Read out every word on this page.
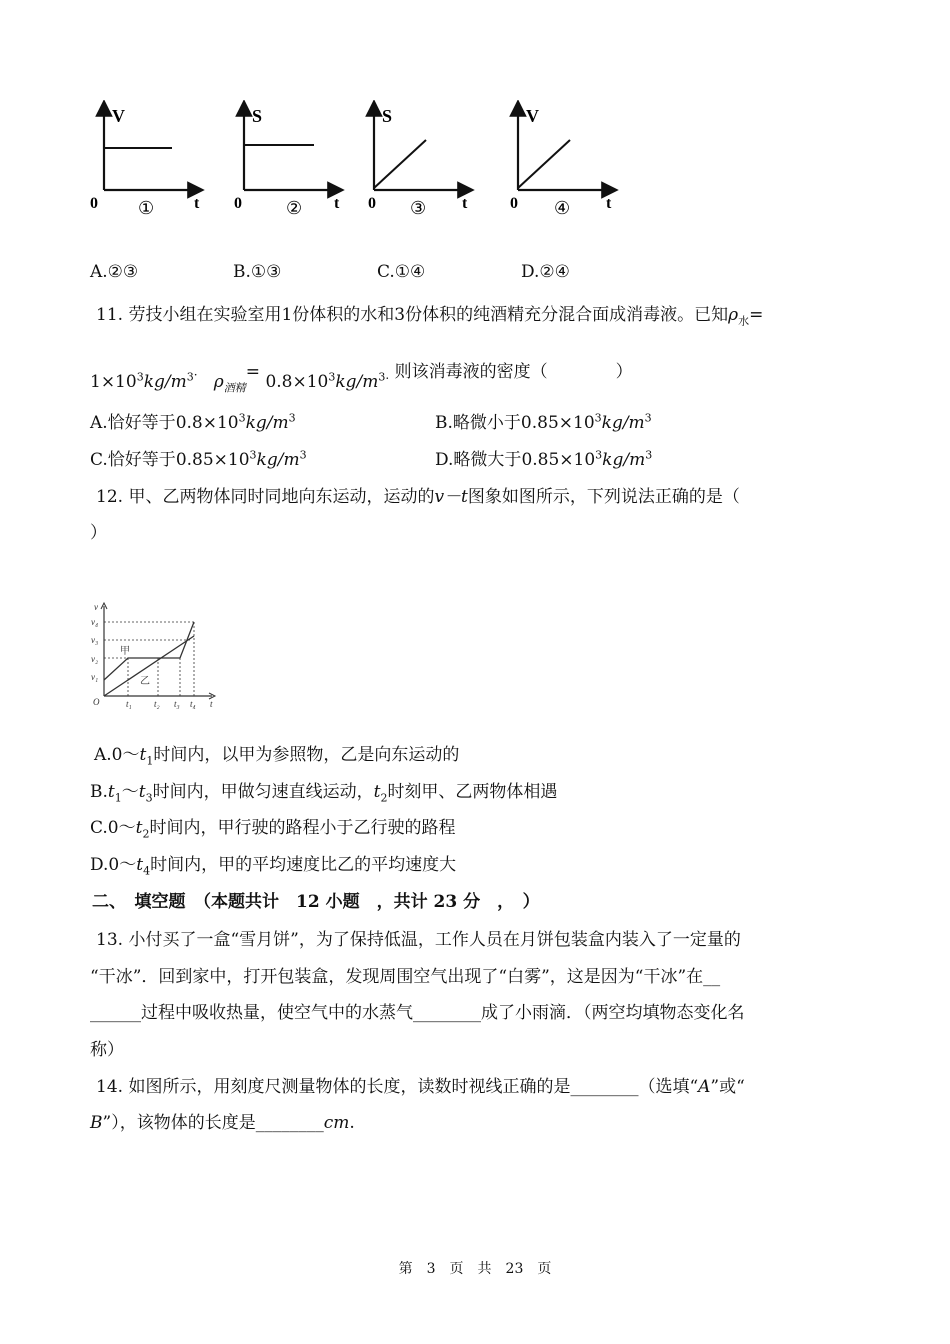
V
0	t
①
S
0	t
②
S
0	t
③
V
0	t
④
A.②③	B.①③	C.①④	D.②④
11. 劳技小组在实验室用1份体积的水和3份体积的纯酒精充分混合面成消毒液。已知$\rho_水=$
$1\times 10^3kg/m^{3\cdot}$ $\rho_{酒精}= 0.8\times 10^3kg/m^{3.}$ 则该消毒液的密度（　　　　）
A.恰好等于$0.8\times 10^3kg/m^3$	B.略微小于$0.85\times 10^3kg/m^3$
C.恰好等于$0.85\times 10^3kg/m^3$	D.略微大于$0.85\times 10^3kg/m^3$
12. 甲、乙两物体同时同地向东运动，运动的v－t图象如图所示，下列说法正确的是（
）
v
t
O
v₄
v₃
v₂
v₁
t₁ t₂ t₃ t₄
甲
乙
$A.0\sim t_1$时间内，以甲为参照物，乙是向东运动的
$B.t_1\sim t_3$时间内，甲做匀速直线运动，$t_2$时刻甲、乙两物体相遇
$C.0\sim t_2$时间内，甲行驶的路程小于乙行驶的路程
$D.0\sim t_4$时间内，甲的平均速度比乙的平均速度大
二、　填空题　（本题共计　12 小题　，共计 23 分　，　）
13. 小付买了一盒“雪月饼”，为了保持低温，工作人员在月饼包装盒内装入了一定量的
“干冰”．回到家中，打开包装盒，发现周围空气出现了“白雾”，这是因为“干冰”在__
______过程中吸收热量，使空气中的水蒸气________成了小雨滴．（两空均填物态变化名
称）
14. 如图所示，用刻度尺测量物体的长度，读数时视线正确的是________（选填“A”或“
B”），该物体的长度是________cm.
第　3　页　共　23　页
